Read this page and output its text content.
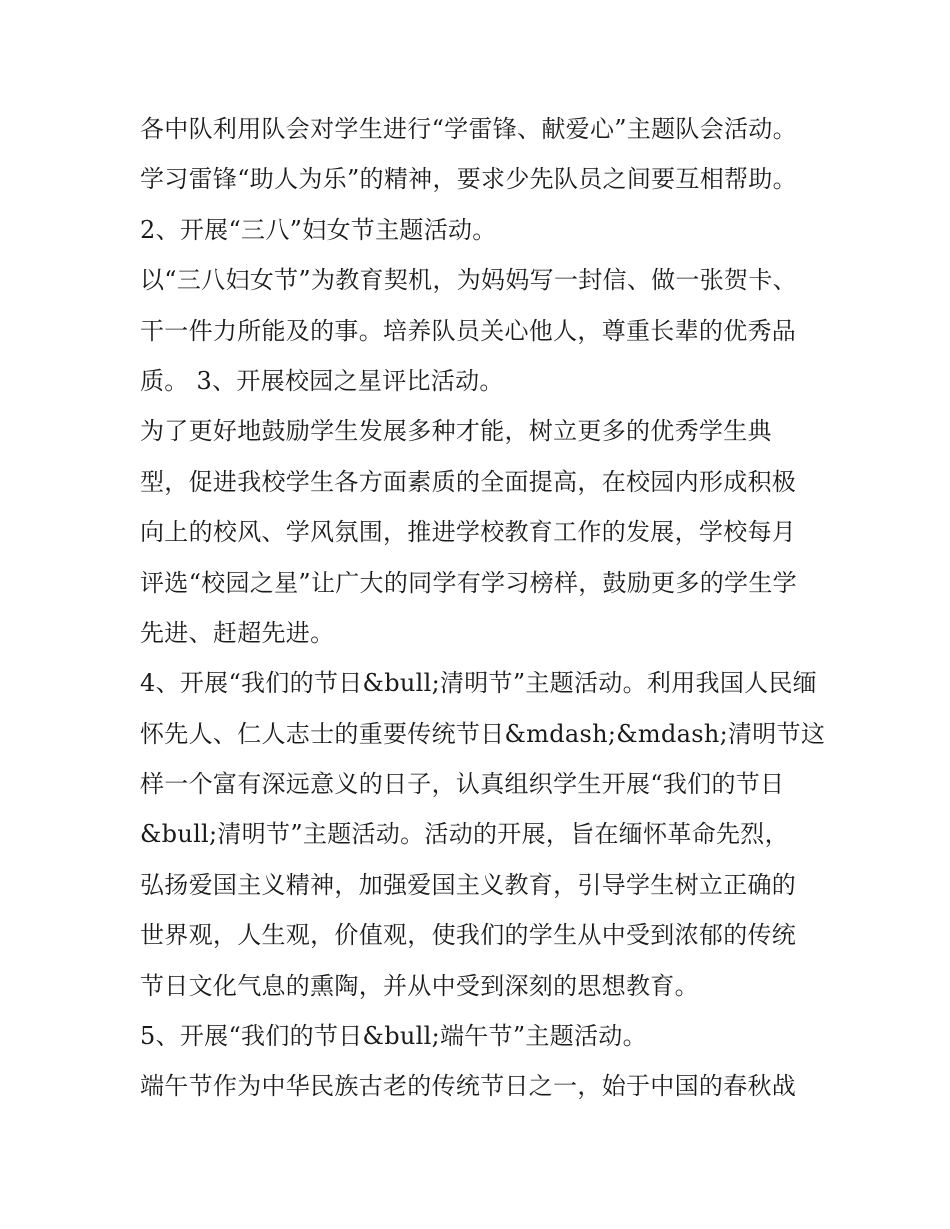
各中队利用队会对学生进行“学雷锋、献爱心”主题队会活动。
学习雷锋“助人为乐”的精神，要求少先队员之间要互相帮助。
2、开展“三八”妇女节主题活动。
以“三八妇女节”为教育契机，为妈妈写一封信、做一张贺卡、
干一件力所能及的事。培养队员关心他人，尊重长辈的优秀品
质。 3、开展校园之星评比活动。
为了更好地鼓励学生发展多种才能，树立更多的优秀学生典
型，促进我校学生各方面素质的全面提高，在校园内形成积极
向上的校风、学风氛围，推进学校教育工作的发展，学校每月
评选“校园之星”让广大的同学有学习榜样，鼓励更多的学生学
先进、赶超先进。
4、开展“我们的节日&bull;清明节”主题活动。利用我国人民缅
怀先人、仁人志士的重要传统节日&mdash;&mdash;清明节这
样一个富有深远意义的日子，认真组织学生开展“我们的节日
&bull;清明节”主题活动。活动的开展，旨在缅怀革命先烈，
弘扬爱国主义精神，加强爱国主义教育，引导学生树立正确的
世界观，人生观，价值观，使我们的学生从中受到浓郁的传统
节日文化气息的熏陶，并从中受到深刻的思想教育。
5、开展“我们的节日&bull;端午节”主题活动。
端午节作为中华民族古老的传统节日之一，始于中国的春秋战
